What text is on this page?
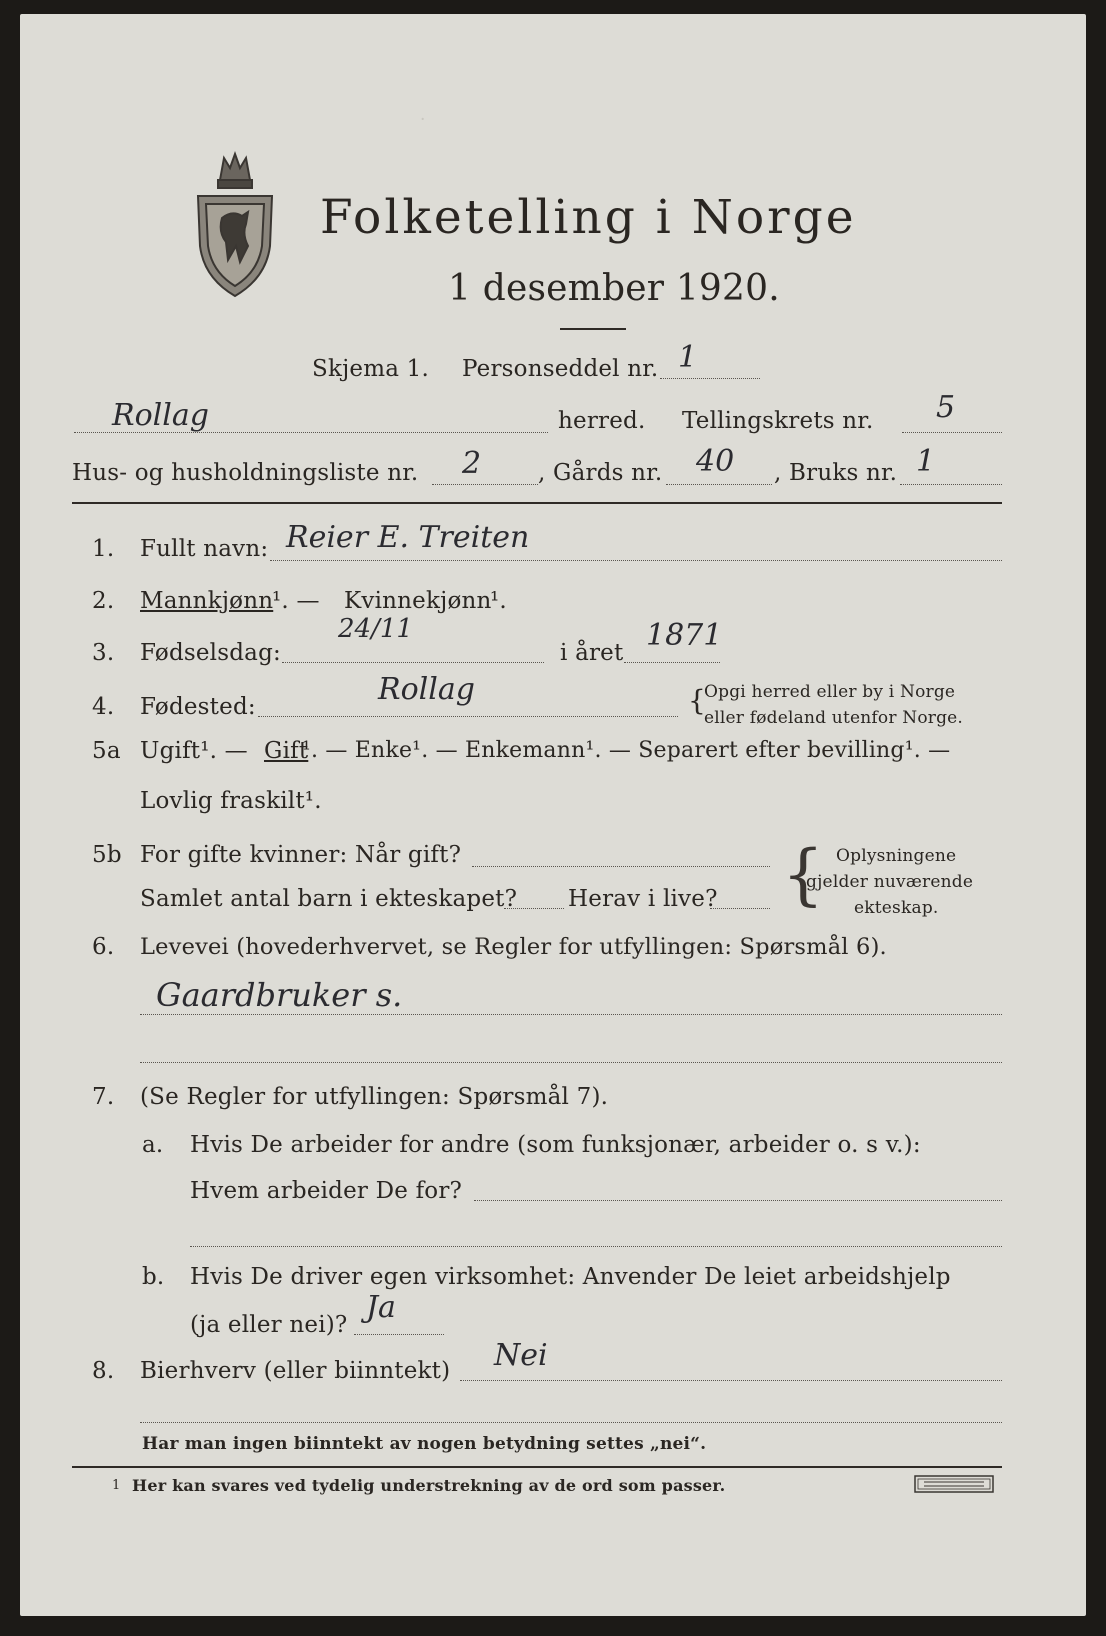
·
Folketelling i Norge
1 desember 1920.
Skjema 1. Personseddel nr. 1
Rollag	herred. Tellingskrets nr. 5
Hus- og husholdningsliste nr. 2 , Gårds nr. 40 , Bruks nr. 1
1. Fullt navn: Reier E. Treiten
2. Mannkjønn
¹. — Kvinnekjønn
¹.
3. Fødselsdag:
24/11
i året 1871
4. Fødested:	Rollag	{
Opgi herred eller by i Norge
eller fødeland utenfor Norge.
5a Ugift¹. — Gift
¹. — Enke¹. — Enkemann¹. — Separert efter bevilling¹. —
Lovlig fraskilt¹.
5b For gifte kvinner: Når gift?
Samlet antal barn i ekteskapet? Herav i live? { Oplysningene
gjelder nuværende
ekteskap.
6. Levevei (hovederhvervet, se Regler for utfyllingen: Spørsmål 6).
Gaardbruker s.
7. (Se Regler for utfyllingen: Spørsmål 7).
a. Hvis De arbeider for andre (som funksjonær, arbeider o. s v.):
Hvem arbeider De for?
b. Hvis De driver egen virksomhet: Anvender De leiet arbeidshjelp
(ja eller nei)? Ja
8. Bierhverv (eller biinntekt) Nei
Har man ingen biinntekt av nogen betydning settes „nei“.
1 Her kan svares ved tydelig understrekning av de ord som passer.
